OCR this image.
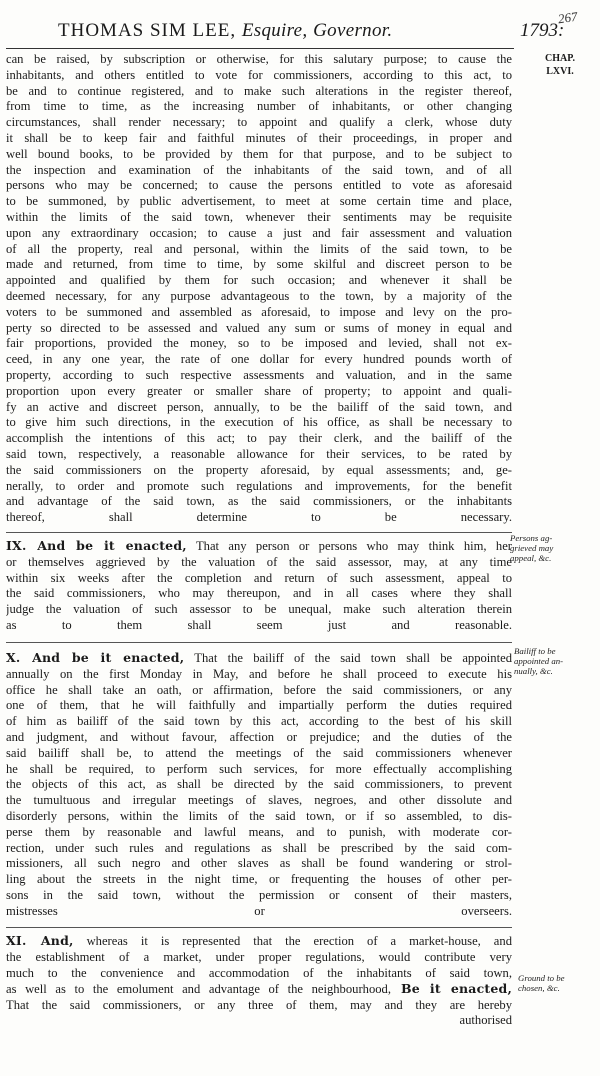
THOMAS SIM LEE, Esquire, Governor.	1793:
267
CHAP.
LXVI.

can be raised, by subscription or otherwise, for this salutary purpose; to cause the
inhabitants, and others entitled to vote for commissioners, according to this act, to
be and to continue registered, and to make such alterations in the register thereof,
from time to time, as the increasing number of inhabitants, or other changing
circumstances, shall render necessary; to appoint and qualify a clerk, whose duty
it shall be to keep fair and faithful minutes of their proceedings, in proper and
well bound books, to be provided by them for that purpose, and to be subject to
the inspection and examination of the inhabitants of the said town, and of all
persons who may be concerned; to cause the persons entitled to vote as aforesaid
to be summoned, by public advertisement, to meet at some certain time and place,
within the limits of the said town, whenever their sentiments may be requisite
upon any extraordinary occasion; to cause a just and fair assessment and valuation
of all the property, real and personal, within the limits of the said town, to be
made and returned, from time to time, by some skilful and discreet person to be
appointed and qualified by them for such occasion; and whenever it shall be
deemed necessary, for any purpose advantageous to the town, by a majority of the
voters to be summoned and assembled as aforesaid, to impose and levy on the pro-
perty so directed to be assessed and valued any sum or sums of money in equal and
fair proportions, provided the money, so to be imposed and levied, shall not ex-
ceed, in any one year, the rate of one dollar for every hundred pounds worth of
property, according to such respective assessments and valuation, and in the same
proportion upon every greater or smaller share of property; to appoint and quali-
fy an active and discreet person, annually, to be the bailiff of the said town, and
to give him such directions, in the execution of his office, as shall be necessary to
accomplish the intentions of this act; to pay their clerk, and the bailiff of the
said town, respectively, a reasonable allowance for their services, to be rated by
the said commissioners on the property aforesaid, by equal assessments; and, ge-
nerally, to order and promote such regulations and improvements, for the benefit
and advantage of the said town, as the said commissioners, or the inhabitants
thereof, shall determine to be necessary.

IX. And be it enacted, That any person or persons who may think him, her
or themselves aggrieved by the valuation of the said assessor, may, at any time
within six weeks after the completion and return of such assessment, appeal to
the said commissioners, who may thereupon, and in all cases where they shall
judge the valuation of such assessor to be unequal, make such alteration therein
as to them shall seem just and reasonable.

Persons ag-
grieved may
appeal, &c.

X. And be it enacted, That the bailiff of the said town shall be appointed
annually on the first Monday in May, and before he shall proceed to execute his
office he shall take an oath, or affirmation, before the said commissioners, or any
one of them, that he will faithfully and impartially perform the duties required
of him as bailiff of the said town by this act, according to the best of his skill
and judgment, and without favour, affection or prejudice; and the duties of the
said bailiff shall be, to attend the meetings of the said commissioners whenever
he shall be required, to perform such services, for more effectually accomplishing
the objects of this act, as shall be directed by the said commissioners, to prevent
the tumultuous and irregular meetings of slaves, negroes, and other dissolute and
disorderly persons, within the limits of the said town, or if so assembled, to dis-
perse them by reasonable and lawful means, and to punish, with moderate cor-
rection, under such rules and regulations as shall be prescribed by the said com-
missioners, all such negro and other slaves as shall be found wandering or strol-
ling about the streets in the night time, or frequenting the houses of other per-
sons in the said town, without the permission or consent of their masters,
mistresses or overseers.

Bailiff to be
appointed an-
nually, &c.

XI. And, whereas it is represented that the erection of a market-house, and
the establishment of a market, under proper regulations, would contribute very
much to the convenience and accommodation of the inhabitants of said town,
as well as to the emolument and advantage of the neighbourhood, Be it enacted,
That the said commissioners, or any three of them, may and they are hereby

authorised
Ground to be
chosen, &c.
